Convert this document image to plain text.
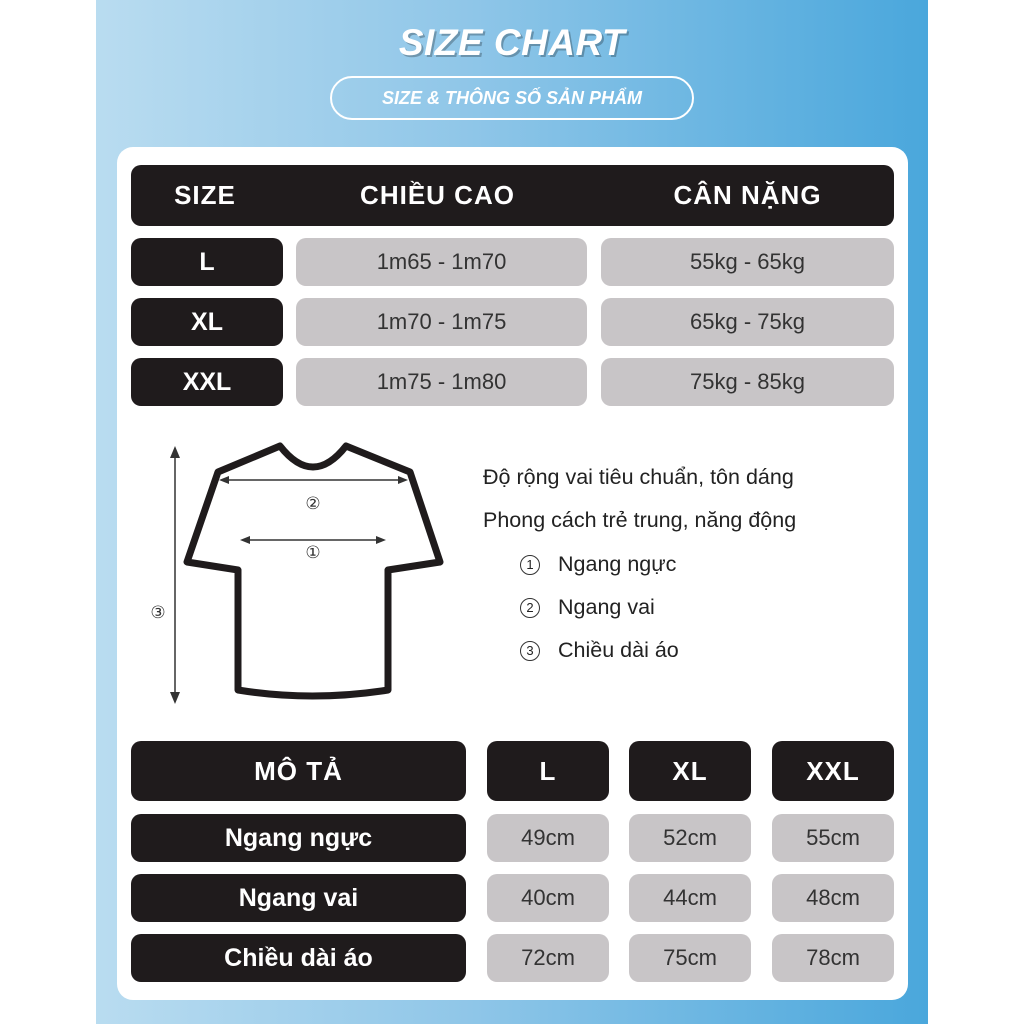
SIZE CHART
SIZE & THÔNG SỐ SẢN PHẨM
SIZE	CHIỀU CAO	CÂN NẶNG
L	1m65 - 1m70	55kg - 65kg
XL	1m70 - 1m75	65kg - 75kg
XXL	1m75 - 1m80	75kg - 85kg
②
①
③
Độ rộng vai tiêu chuẩn, tôn dáng
Phong cách trẻ trung, năng động
1 Ngang ngực
2 Ngang vai
3 Chiều dài áo
MÔ TẢ	L	XL	XXL
Ngang ngực	49cm	52cm	55cm
Ngang vai	40cm	44cm	48cm
Chiều dài áo	72cm	75cm	78cm
